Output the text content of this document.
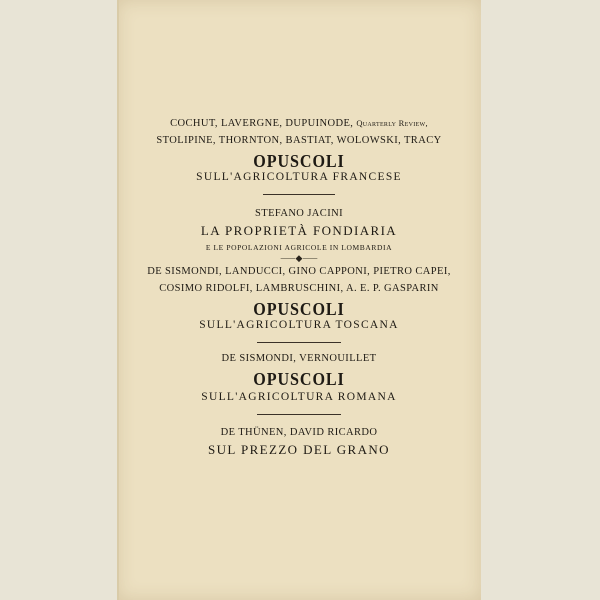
COCHUT, LAVERGNE, DUPUINODE, Quarterly Review,
STOLIPINE, THORNTON, BASTIAT, WOLOWSKI, TRACY
OPUSCOLI
SULL'AGRICOLTURA FRANCESE
STEFANO JACINI
LA PROPRIETÀ FONDIARIA
E LE POPOLAZIONI AGRICOLE IN LOMBARDIA
⸺◆⸺
DE SISMONDI, LANDUCCI, GINO CAPPONI, PIETRO CAPEI,
COSIMO RIDOLFI, LAMBRUSCHINI, A. E. P. GASPARIN
OPUSCOLI
SULL'AGRICOLTURA TOSCANA
DE SISMONDI, VERNOUILLET
OPUSCOLI
SULL'AGRICOLTURA ROMANA
DE THÜNEN, DAVID RICARDO
SUL PREZZO DEL GRANO
